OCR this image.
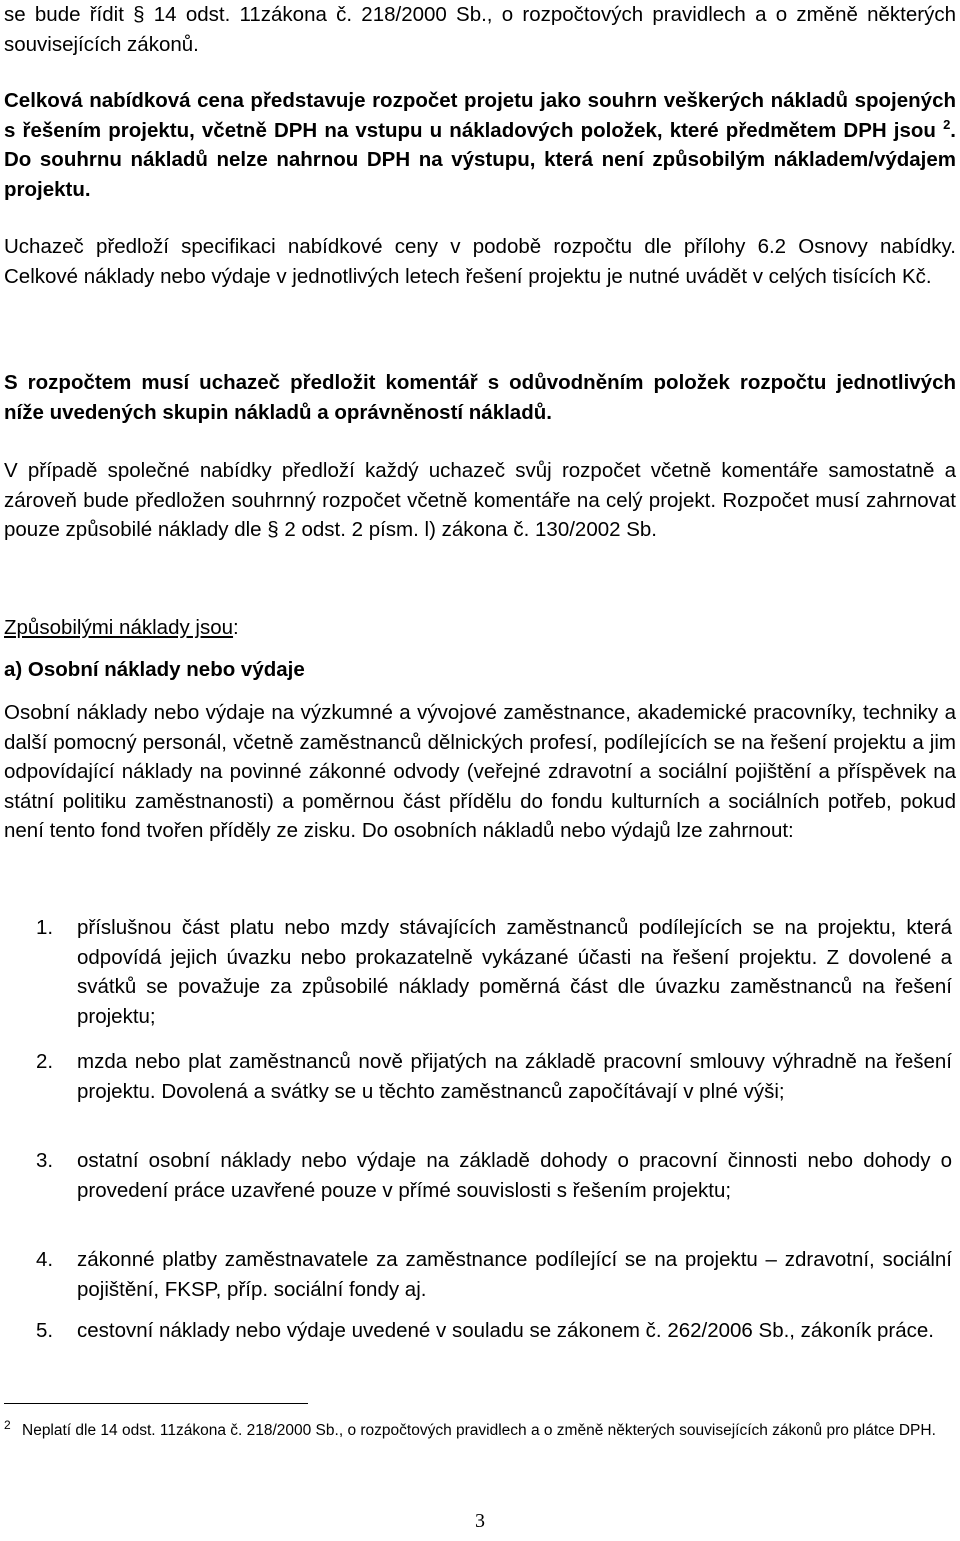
se bude řídit § 14 odst. 11zákona č. 218/2000 Sb., o rozpočtových pravidlech a o změně některých souvisejících zákonů.

Celková nabídková cena představuje rozpočet projetu jako souhrn veškerých nákladů spojených s řešením projektu, včetně DPH na vstupu u nákladových položek, které předmětem DPH jsou $^2$. Do souhrnu nákladů nelze nahrnou DPH na výstupu, která není způsobilým nákladem/výdajem projektu.

Uchazeč předloží specifikaci nabídkové ceny v podobě rozpočtu dle přílohy 6.2 Osnovy nabídky. Celkové náklady nebo výdaje v jednotlivých letech řešení projektu je nutné uvádět v celých tisících Kč.

S rozpočtem musí uchazeč předložit komentář s odůvodněním položek rozpočtu jednotlivých níže uvedených skupin nákladů a oprávněností nákladů.

V případě společné nabídky předloží každý uchazeč svůj rozpočet včetně komentáře samostatně a zároveň bude předložen souhrnný rozpočet včetně komentáře na celý projekt. Rozpočet musí zahrnovat pouze způsobilé náklady dle § 2 odst. 2 písm. l) zákona č. 130/2002 Sb.

Způsobilými náklady jsou:

a) Osobní náklady nebo výdaje

Osobní náklady nebo výdaje na výzkumné a vývojové zaměstnance, akademické pracovníky, techniky a další pomocný personál, včetně zaměstnanců dělnických profesí, podílejících se na řešení projektu a jim odpovídající náklady na povinné zákonné odvody (veřejné zdravotní a sociální pojištění a příspěvek na státní politiku zaměstnanosti) a poměrnou část přídělu do fondu kulturních a sociálních potřeb, pokud není tento fond tvořen příděly ze zisku. Do osobních nákladů nebo výdajů lze zahrnout:

1. příslušnou část platu nebo mzdy stávajících zaměstnanců podílejících se na projektu, která odpovídá jejich úvazku nebo prokazatelně vykázané účasti na řešení projektu. Z dovolené a svátků se považuje za způsobilé náklady poměrná část dle úvazku zaměstnanců na řešení projektu;

2. mzda nebo plat zaměstnanců nově přijatých na základě pracovní smlouvy výhradně na řešení projektu. Dovolená a svátky se u těchto zaměstnanců započítávají v plné výši;

3. ostatní osobní náklady nebo výdaje na základě dohody o pracovní činnosti nebo dohody o provedení práce uzavřené pouze v přímé souvislosti s řešením projektu;

4. zákonné platby zaměstnavatele za zaměstnance podílející se na projektu – zdravotní, sociální pojištění, FKSP, příp. sociální fondy aj.

5. cestovní náklady nebo výdaje uvedené v souladu se zákonem č. 262/2006 Sb., zákoník práce.

2 Neplatí dle 14 odst. 11zákona č. 218/2000 Sb., o rozpočtových pravidlech a o změně některých souvisejících zákonů pro plátce DPH.
3
